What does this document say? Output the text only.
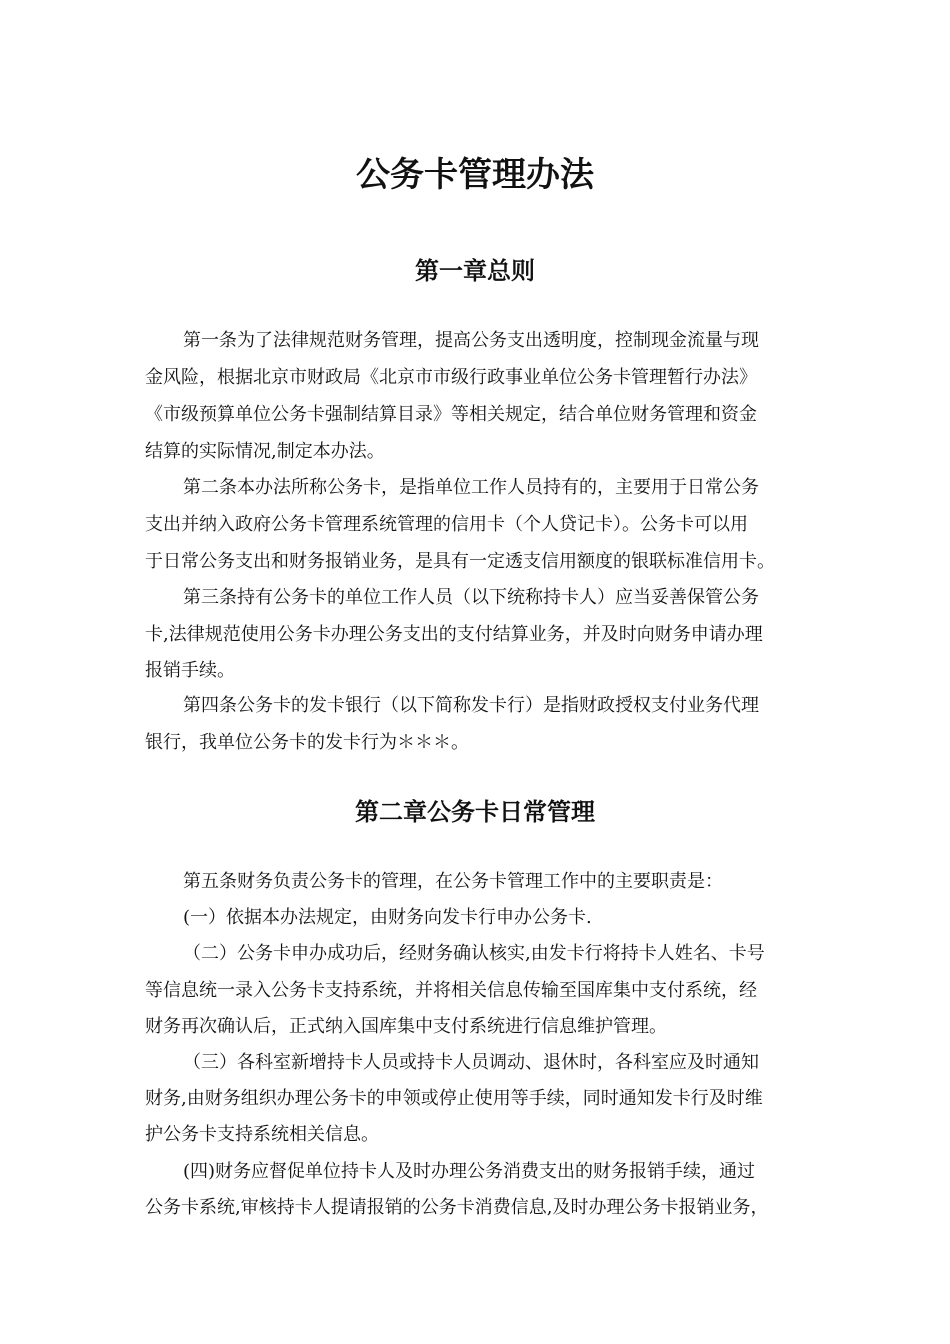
公务卡管理办法
第一章总则

第一条为了法律规范财务管理，提高公务支出透明度，控制现金流量与现

金风险，根据北京市财政局《北京市市级行政事业单位公务卡管理暂行办法》

《市级预算单位公务卡强制结算目录》等相关规定，结合单位财务管理和资金

结算的实际情况,制定本办法。

第二条本办法所称公务卡，是指单位工作人员持有的，主要用于日常公务

支出并纳入政府公务卡管理系统管理的信用卡（个人贷记卡）。公务卡可以用

于日常公务支出和财务报销业务，是具有一定透支信用额度的银联标准信用卡。

第三条持有公务卡的单位工作人员（以下统称持卡人）应当妥善保管公务

卡,法律规范使用公务卡办理公务支出的支付结算业务，并及时向财务申请办理

报销手续。

第四条公务卡的发卡银行（以下简称发卡行）是指财政授权支付业务代理

银行，我单位公务卡的发卡行为＊＊＊。

第二章公务卡日常管理

第五条财务负责公务卡的管理，在公务卡管理工作中的主要职责是：

(一）依据本办法规定，由财务向发卡行申办公务卡.

（二）公务卡申办成功后，经财务确认核实,由发卡行将持卡人姓名、卡号

等信息统一录入公务卡支持系统，并将相关信息传输至国库集中支付系统，经

财务再次确认后，正式纳入国库集中支付系统进行信息维护管理。

（三）各科室新增持卡人员或持卡人员调动、退休时，各科室应及时通知

财务,由财务组织办理公务卡的申领或停止使用等手续，同时通知发卡行及时维

护公务卡支持系统相关信息。

(四)财务应督促单位持卡人及时办理公务消费支出的财务报销手续，通过

公务卡系统,审核持卡人提请报销的公务卡消费信息,及时办理公务卡报销业务，
